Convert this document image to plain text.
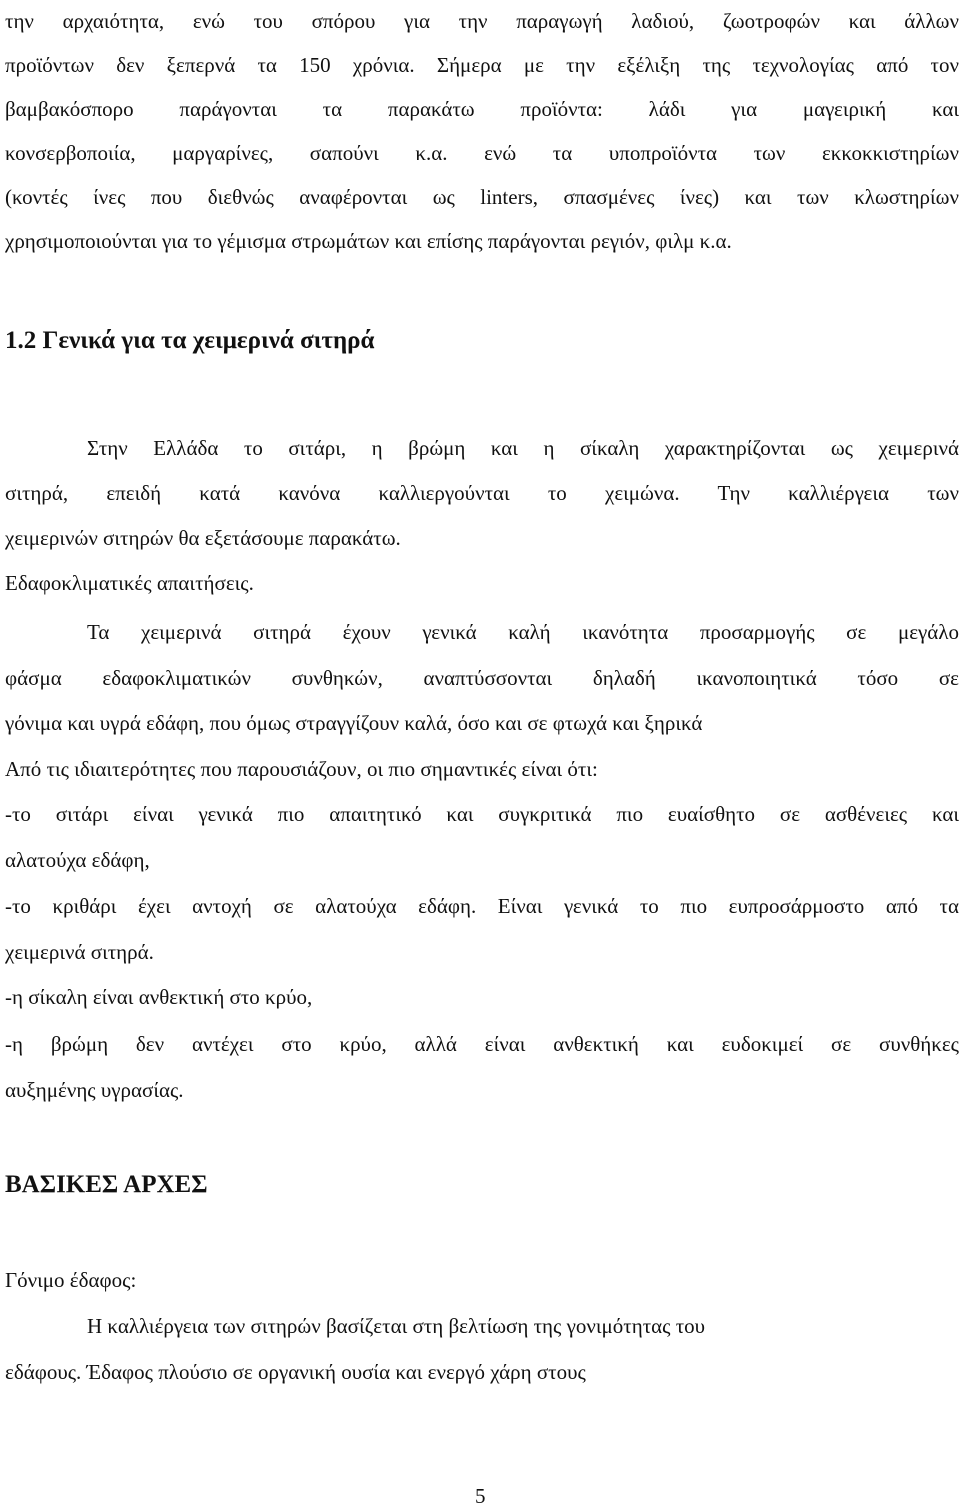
την αρχαιότητα, ενώ του σπόρου για την παραγωγή λαδιού, ζωοτροφών και άλλων
προϊόντων δεν ξεπερνά τα 150 χρόνια. Σήμερα με την εξέλιξη της τεχνολογίας από τον
βαμβακόσπορο παράγονται τα παρακάτω προϊόντα: λάδι για μαγειρική και
κονσερβοποιία, μαργαρίνες, σαπούνι κ.α. ενώ τα υποπροϊόντα των εκκοκκιστηρίων
(κοντές ίνες που διεθνώς αναφέρονται ως linters, σπασμένες ίνες) και των κλωστηρίων
χρησιμοποιούνται για το γέμισμα στρωμάτων και επίσης παράγονται ρεγιόν, φιλμ κ.α.
1.2 Γενικά για τα χειμερινά σιτηρά
Στην Ελλάδα το σιτάρι, η βρώμη και η σίκαλη χαρακτηρίζονται ως χειμερινά
σιτηρά, επειδή κατά κανόνα καλλιεργούνται το χειμώνα. Την καλλιέργεια των
χειμερινών σιτηρών θα εξετάσουμε παρακάτω.
Εδαφοκλιματικές απαιτήσεις.
Τα χειμερινά σιτηρά έχουν γενικά καλή ικανότητα προσαρμογής σε μεγάλο
φάσμα εδαφοκλιματικών συνθηκών, αναπτύσσονται δηλαδή ικανοποιητικά τόσο σε
γόνιμα και υγρά εδάφη, που όμως στραγγίζουν καλά, όσο και σε φτωχά και ξηρικά
Από τις ιδιαιτερότητες που παρουσιάζουν, οι πιο σημαντικές είναι ότι:
-το σιτάρι είναι γενικά πιο απαιτητικό και συγκριτικά πιο ευαίσθητο σε ασθένειες και
αλατούχα εδάφη,
-το κριθάρι έχει αντοχή σε αλατούχα εδάφη. Είναι γενικά το πιο ευπροσάρμοστο από τα
χειμερινά σιτηρά.
-η σίκαλη είναι ανθεκτική στο κρύο,
-η βρώμη δεν αντέχει στο κρύο, αλλά είναι ανθεκτική και ευδοκιμεί σε συνθήκες
αυξημένης υγρασίας.
ΒΑΣΙΚΕΣ ΑΡΧΕΣ
Γόνιμο έδαφος:
Η καλλιέργεια των σιτηρών βασίζεται στη βελτίωση της γονιμότητας του
εδάφους. Έδαφος πλούσιο σε οργανική ουσία και ενεργό χάρη στους
5
